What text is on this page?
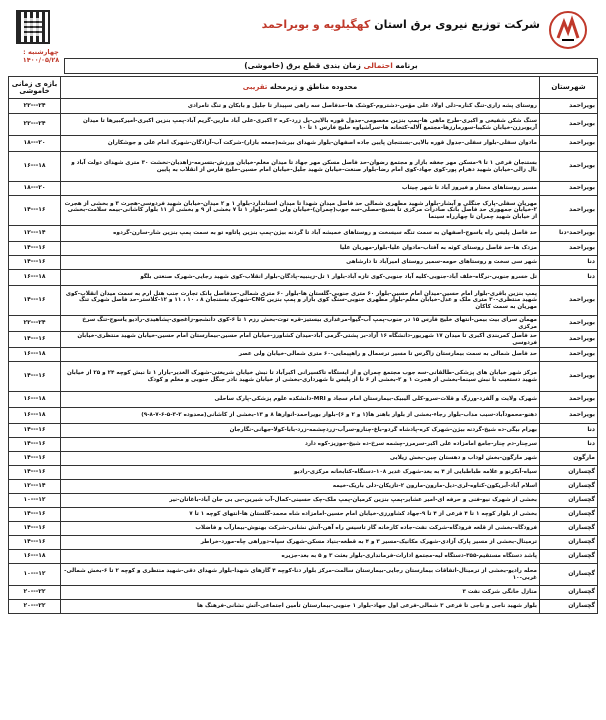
چهارشنبه :
۱۴۰۰/۰۵/۲۸
شرکت توزیع نیروی برق استان کهگیلویه و بویراحمد
برنامه احتمالی زمان بندی قطع برق (خاموشی)
شهرستان	محدوده مناطق و زیرمحله تقریبی	بازه ی زمانی خاموشی
بویراحمد	روستای پشه زاری-تنگ کناره-دلی اولاد علی مؤمن-دشتروم-کوشک ها-حدفاصل سه راهی سپیدار تا جلیل و بابکان و تنگ تامرادی	۲۲---۲۴
بویراحمد	سنگ شکن شفیعی و اکبری-طرح ماهی ها-پمپ بنزین معصومی-جدول قوره بالایی-پل زرد-کره ۲ اکبری-علی آباد مارین-گریم آباد-پمپ بنزین اکبری-امیرکبیرها تا میدان آریوبرزن-خیابان شکیبا-سورمارزها-مجتمع آلاله-کتخانه ها-سرآشیاوه خلیج فارس ۱ تا ۱۰	۲۲---۲۴
بویراحمد	مادوان سفلی-بلوار سفلی-جدول قوره بالایی-بستنجان پایین جاده اصفهان-بلوار شهدای بیرشه(جمعه بازار)-شرکت آب-آزادگان-شهرک امام علی و جوشکاران	۱۸---۲۰
بویراحمد	بستنجان فرعی ۱ تا ۹-مسکن مهر جعفه بازار و مجتمع رضوان-حد فاصل مسکن مهر جهاد تا میدان معلم-خیابان ورزش-بتسرمه-زاهدیان-نخشت ۳۰ متری شهدای دولت آباد و نال زالی-خیابان شهید دهرام پور-کوی جهاد-کوی امام رضا-بلوار صنعت-خیابان شهید جلیل-خیابان امام حسین-خلیج فارس از انقلاب به پایین	۱۶---۱۸
بویراحمد	مسیر روستاهای مختار و فیروز آباد تا شهر چیتاب	۱۸---۲۰
بویراحمد	مهریان سفلی-پارک جنگلی و آبشار-بلوار شهید مطهری شمالی حد فاصل میدان شهدا تا میدان استاندارد-بلوار ۱ و ۲ میدان-خیابان شهید فردوسی-هجرت ۳ و بخشی از هجرت ۲-خیابان جمهوری حد فاصل بانک صادرات مرکزی تا بسیج-مصلی-سه جوب(چمران)-خیابان ولی عصر-بلوار ۱ تا ۷ بخشی از ۹ و بخشی از ۱۱ بلوار کاشانی-بیمه سلامت-بخشی از خیابان شهید چمران تا چهارراه سینما	۱۴---۱۶
بویراحمد-دنا	حد فاصل پلیس راه یاسوج-اصفهان به سمت تنگه سیسخت و روستاهای خمیشه آباد تا گردنه بیژن-پمپ بنزین پاتاوه تو به سمت پمپ بنزین شار-سارن-گردوه	۱۲---۱۴
بویراحمد	مزدک ها-حد فاصل روستای کوثه به آفتاب-مادوان علیا-بلوار-مهریان علیا	۱۴---۱۶
دنا	شهر سی سخت و روستاهای حومه-سمیر روستای امیرآباد تا دارشاهی	۱۴---۱۶
دنا	تل خسرو جنوبی-نرگاه-خلف آباد-جنوبی-کلیه آباد جنوبی-کوی تازه آباد-بلوار ۱ تل-زینبیه-پادگان-بلوار انقلاب-کوی شهید رجایی-شهرک صنعتی بلگو	۱۶---۱۸
بویراحمد	پمپ بنزین باقری-بلوار امام حسین-میدان امام حسین-بلوار ۶۰ متری جنوبی-گلستان ها-بلوار ۶۰ متری شمالی-حدفاصل بانک تجارت جنب هتل ارم به سمت میدان انقلاب-کوی شهید منتظری-۳۰ متری ملک و عدل-خیابان معلم-بلوار مطهری جنوبی-سنگ کوی بازار و پمپ بنزین CNG-شهرک بستنجان ۸ ، ۱۰ ، ۱۱ و ۱۲-کلاستر-حد فاصل شهرک تنگ مهریان به سمت کاکان	۱۴---۱۶
بویراحمد	مهمان سرای بیت بیمن-انتهای خلیج فارس ۱۵ در جنوب-پمپ آب-گیوا-مرغداری بیستیز-قره توت-بخش رزم ۱ تا ۶-کوی دانشجو-زاغجوی-پشاهیدی-رادیو یاسوج-تنگ سرخ مرکزی	۲۲---۲۴
بویراحمد	حد فاصل کمربندی اکبری تا میدان ۱۷ شهریور-دانشگاه ۱۶ آزاد-بر پشتی-گرمی آباد-میدان کشاورز-خیابان امام حسین-بیمارستان امام حسین-خیابان شهید منتظری-خیابان فردوسی	۱۴---۱۶
بویراحمد	حد فاصل شمالی به سمت بیمارستان زاگرس تا مسیر ترسمال و راهپیمایی-۶۰ متری شمالی-خیابان ولی عصر	۱۶---۱۸
بویراحمد	مرکز شهر خیابان های پزشکی-طالقانی-سه جوب مجتمع چمران و از ایستگاه تاکسیرانی اکبرآباد تا نبش خیابان شریعتی-شهرک الغدیر-بازار ۱ تا نبش کوچه ۲۴ و ۲۵ از خیابان شهید دستغیب تا نبش سینما-بخشی از هجرت ۱ و ۲-بخشی از ۶ تا از پلیس تا شهرداری-بخشی از خیابان شهید نادر جنگل جنوبی و معلم و کودک	۱۴---۱۶
بویراحمد	شهرک ولایت و آلفرد-ورزگ و قلات-سرو-کلی آلیبیک-بیمارستان امام سجاد و MRI-دانشکده علوم پزشکی-پارک ساحلی	۱۶---۱۸
بویراحمد	دهنو-محمودآباد-سیب مداب-بلوار رجاء-بخشی از بلوار باهنر ها(۱ و ۲ و ۶)-بلوار بویراحمد-انوارها ۸ و ۱۳-بخشی از کاشانی(محدوده ۲-۳-۵-۶-۷-۸-۹)	۱۶---۱۸
دنا	بهرام بیگی-ده شیخ-گردنه بیژن-شهرک کره-پادشاه گردو-باغ-چنارو-سرآب-زردچشمه-زرد-بابا-کولا-جهانی-نگارجان	۱۴---۱۶
دنا	سرچنار-دم چنار-جامع امامزاده علی اکبر-سرمرز-چشمه سرخ-ده شیخ-جوزیز-کوه دارد	۱۴---۱۶
مارگون	شهر مارگون-بخش لوداب و دهستان چین-بخش زیلایی	۱۴---۱۶
گچساران	سیاه-آبکرنو و علامه طباطبایی از ۴ به بعد-شهرک غدیر ۱۰۸-دستگاه-کتابخانه مرکزی-رادیو	۱۴---۱۶
گچساران	اسلام آباد-آبریکون-کناوه-لری-دیل-مارون-مارون ۲-تازیکان-دلی باریک-خیمه	۱۲---۱۴
گچساران	بخشی از شهرک نیو-فنی و حرفه ای-امیر عشایر-پمپ بنزین کرمیان-پمپ ملک-چک حسینی-کمال-آب شیرین-بی بی جان آباد-باغاتان-نیر	۱۰---۱۲
گچساران	بخشی از بلوار کوچه ۱ تا ۴ فرعی از ۴ تا ۹-جهاد کشاورزی-خیابان امام حسین-امامزاده شاه محمد-گلستان ها-انتهای کوچه ۱ تا ۷	۱۴---۱۶
گچساران	فرودگاه-بخشی از قلعه فرودگاه-شرکت نفت-جاده کارخانه گاز تاسیس راه آهن-آتش نشانی-شرکت بهنوش-بیمارآب و فاضلاب	۱۴---۱۶
گچساران	ترمینال-بخشی از مسیر پارک آزادی-شهرک مکانیک-مسیر ۳ و ۴ به قطعه-بنیاد مسکن-شهرک سپاه-دوراهی چاه-مورد-خراطر	۱۴---۱۶
گچساران	پاشد دستگاه مستقیم-۳۵۵-دستگاه لیه-مجتمع ادارات-فرمانداری-بلوار بعثت ۳ و ۵ به بعد-جزیره	۱۶---۱۸
گچساران	محله رادیو-بخشی از ترمینال-اتفاقات بیمارستان رجایی-بیمارستان سالمت-مرکز بلوار دنا-کوچه ۴ گازهای شهدا-بلوار شهدای دقی-شهید منتظری و کوچه ۲ تا ۶-بخش شمالی-غربی-۱۰	۱۰---۱۲
گچساران	منازل خانگی شرکت نفت ۳	۲۰---۲۲
گچساران	بلوار شهید ناجی و ناجی تا فرعی ۳ شمالی-فرعی اول جهاد-بلوار ۱ جنوبی-بیمارستان تأمین اجتماعی-آتش نشانی-فرهنگ ها	۲۰---۲۲
